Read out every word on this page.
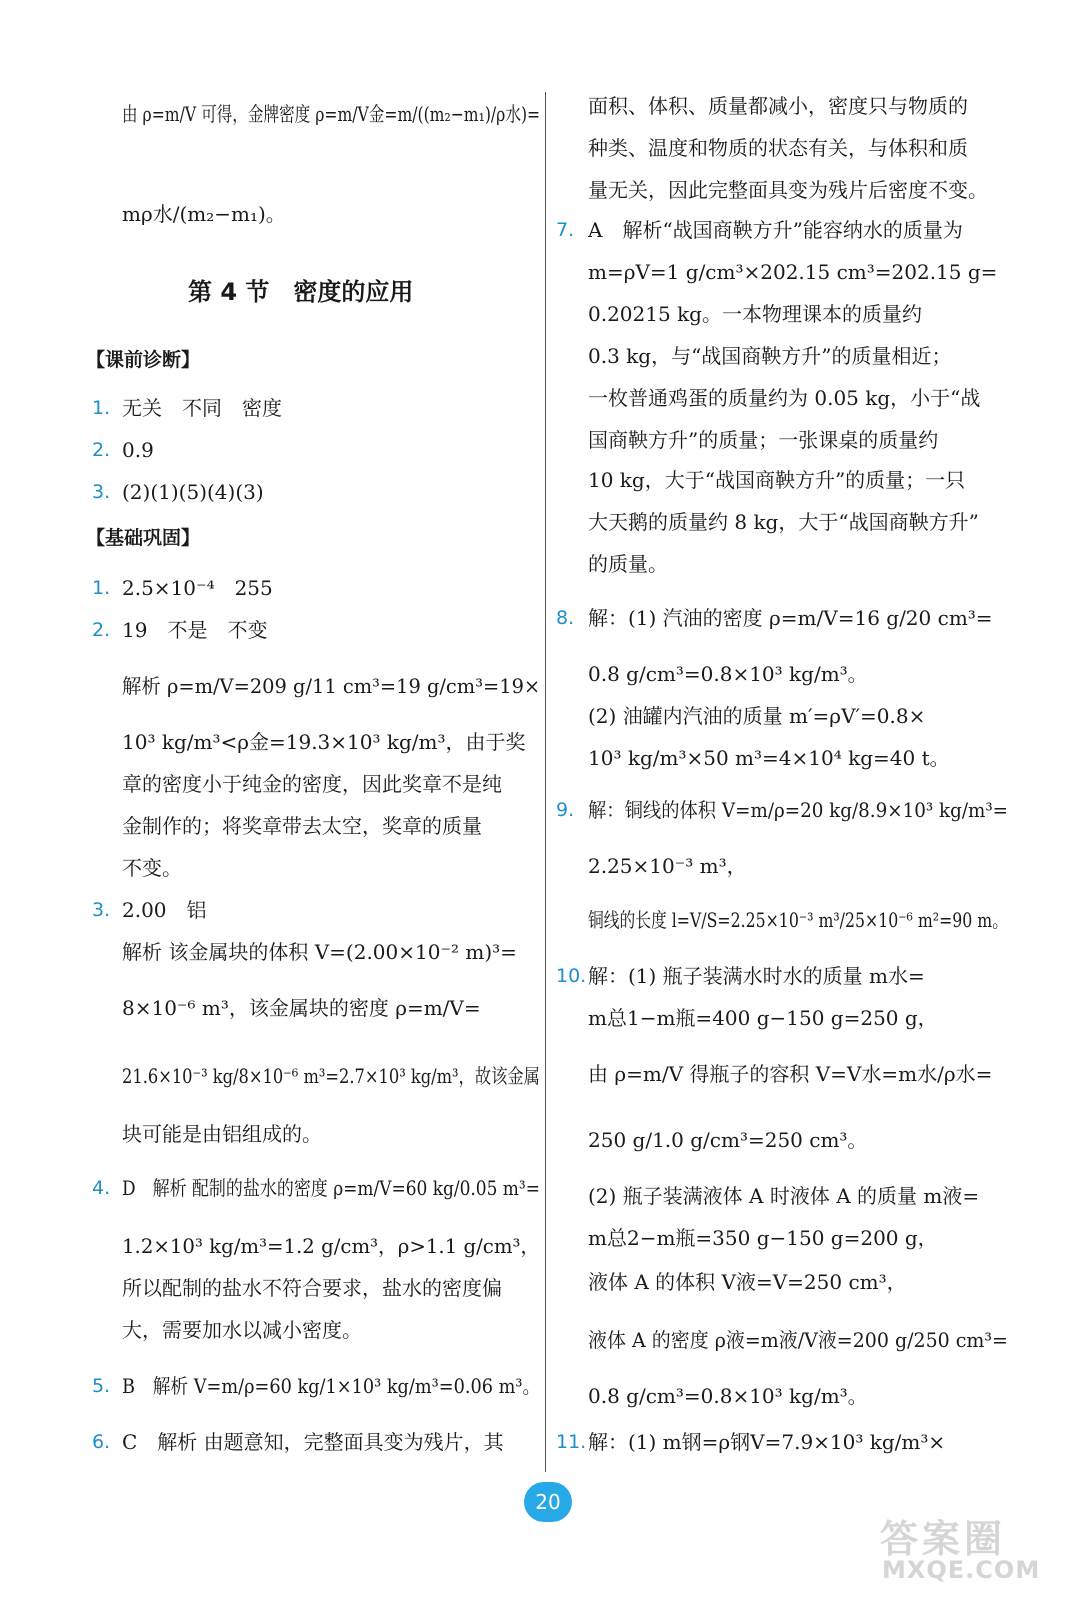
由 ρ=m/V 可得，金牌密度 ρ=m/V金=m/((m₂−m₁)/ρ水)=
mρ水/(m₂−m₁)。
第 4 节　密度的应用
【课前诊断】
1. 无关　不同　密度
2. 0.9
3. (2)(1)(5)(4)(3)
【基础巩固】
1. 2.5×10⁻⁴　255
2. 19　不是　不变
解析 ρ=m/V=209 g/11 cm³=19 g/cm³=19×
10³ kg/m³<ρ金=19.3×10³ kg/m³，由于奖
章的密度小于纯金的密度，因此奖章不是纯
金制作的；将奖章带去太空，奖章的质量
不变。
3. 2.00　铝
解析 该金属块的体积 V=(2.00×10⁻² m)³=
8×10⁻⁶ m³，该金属块的密度 ρ=m/V=
21.6×10⁻³ kg/8×10⁻⁶ m³=2.7×10³ kg/m³，故该金属
块可能是由铝组成的。
4. D　解析 配制的盐水的密度 ρ=m/V=60 kg/0.05 m³=
1.2×10³ kg/m³=1.2 g/cm³，ρ>1.1 g/cm³，
所以配制的盐水不符合要求，盐水的密度偏
大，需要加水以减小密度。
5. B　解析 V=m/ρ=60 kg/1×10³ kg/m³=0.06 m³。
6. C　解析 由题意知，完整面具变为残片，其
面积、体积、质量都减小，密度只与物质的
种类、温度和物质的状态有关，与体积和质
量无关，因此完整面具变为残片后密度不变。
7. A　解析“战国商鞅方升”能容纳水的质量为
m=ρV=1 g/cm³×202.15 cm³=202.15 g=
0.20215 kg。一本物理课本的质量约
0.3 kg，与“战国商鞅方升”的质量相近；
一枚普通鸡蛋的质量约为 0.05 kg，小于“战
国商鞅方升”的质量；一张课桌的质量约
10 kg，大于“战国商鞅方升”的质量；一只
大天鹅的质量约 8 kg，大于“战国商鞅方升”
的质量。
8. 解：(1) 汽油的密度 ρ=m/V=16 g/20 cm³=
0.8 g/cm³=0.8×10³ kg/m³。
(2) 油罐内汽油的质量 m′=ρV′=0.8×
10³ kg/m³×50 m³=4×10⁴ kg=40 t。
9. 解：铜线的体积 V=m/ρ=20 kg/8.9×10³ kg/m³=
2.25×10⁻³ m³，
铜线的长度 l=V/S=2.25×10⁻³ m³/25×10⁻⁶ m²=90 m。
10. 解：(1) 瓶子装满水时水的质量 m水=
m总1−m瓶=400 g−150 g=250 g，
由 ρ=m/V 得瓶子的容积 V=V水=m水/ρ水=
250 g/1.0 g/cm³=250 cm³。
(2) 瓶子装满液体 A 时液体 A 的质量 m液=
m总2−m瓶=350 g−150 g=200 g，
液体 A 的体积 V液=V=250 cm³，
液体 A 的密度 ρ液=m液/V液=200 g/250 cm³=
0.8 g/cm³=0.8×10³ kg/m³。
11. 解：(1) m钢=ρ钢V=7.9×10³ kg/m³×
20
答案圈
MXQE.COM
